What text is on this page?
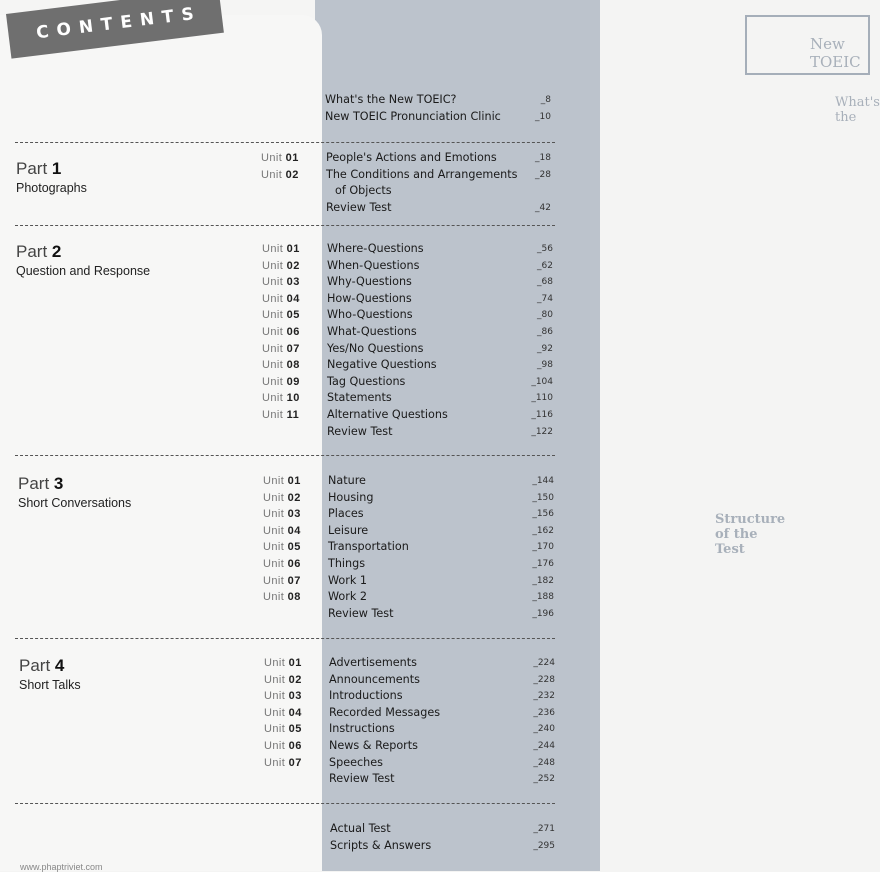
New TOEIC
What's the
Structure of the Test
CONTENTS
What's the New TOEIC?
New TOEIC Pronunciation Clinic
_8
_10
Part 1
Photographs
Unit 01
Unit 02
People's Actions and Emotions
The Conditions and Arrangements
of Objects
Review Test
_18
_28

_42
Part 2
Question and Response
Unit 01
Unit 02
Unit 03
Unit 04
Unit 05
Unit 06
Unit 07
Unit 08
Unit 09
Unit 10
Unit 11
Where-Questions
When-Questions
Why-Questions
How-Questions
Who-Questions
What-Questions
Yes/No Questions
Negative Questions
Tag Questions
Statements
Alternative Questions
Review Test
_56
_62
_68
_74
_80
_86
_92
_98
_104
_110
_116
_122
Part 3
Short Conversations
Unit 01
Unit 02
Unit 03
Unit 04
Unit 05
Unit 06
Unit 07
Unit 08
Nature
Housing
Places
Leisure
Transportation
Things
Work 1
Work 2
Review Test
_144
_150
_156
_162
_170
_176
_182
_188
_196
Part 4
Short Talks
Unit 01
Unit 02
Unit 03
Unit 04
Unit 05
Unit 06
Unit 07
Advertisements
Announcements
Introductions
Recorded Messages
Instructions
News & Reports
Speeches
Review Test
_224
_228
_232
_236
_240
_244
_248
_252
Actual Test
Scripts & Answers
_271
_295
www.phaptriviet.com
